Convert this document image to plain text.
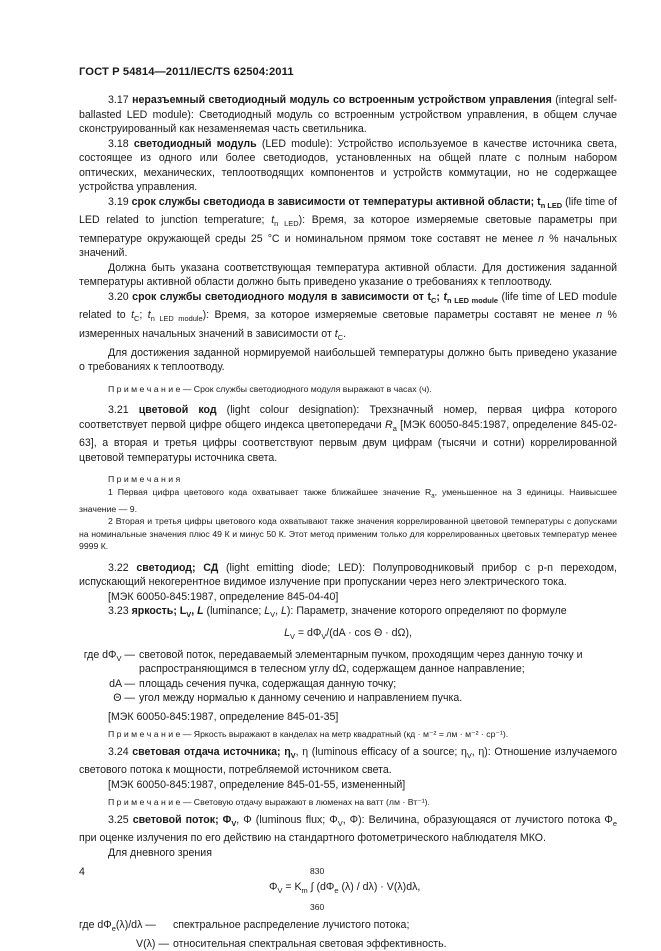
ГОСТ Р 54814—2011/IEC/TS 62504:2011

3.17 неразъемный светодиодный модуль со встроенным устройством управления (integral self-ballasted LED module): Светодиодный модуль со встроенным устройством управления, в общем случае сконструированный как незаменяемая часть светильника.

3.18 светодиодный модуль (LED module): Устройство используемое в качестве источника света, состоящее из одного или более светодиодов, установленных на общей плате с полным набором оптических, механических, теплоотводящих компонентов и устройств коммутации, но не содержащее устройства управления.

3.19 срок службы светодиода в зависимости от температуры активной области; $t_{n LED}$ (life time of LED related to junction temperature; $t_{n LED}$): Время, за которое измеряемые световые параметры при температуре окружающей среды 25 °С и номинальном прямом токе составят не менее n % начальных значений.

Должна быть указана соответствующая температура активной области. Для достижения заданной температуры активной области должно быть приведено указание о требованиях к теплоотводу.

3.20 срок службы светодиодного модуля в зависимости от $t_C$; $t_{n LED module}$ (life time of LED module related to $t_C$; $t_{n LED module}$): Время, за которое измеряемые световые параметры составят не менее n % измеренных начальных значений в зависимости от $t_C$.

Для достижения заданной нормируемой наибольшей температуры должно быть приведено указание о требованиях к теплоотводу.

П р и м е ч а н и е — Срок службы светодиодного модуля выражают в часах (ч).

3.21 цветовой код (light colour designation): Трехзначный номер, первая цифра которого соответствует первой цифре общего индекса цветопередачи $R_a$ [МЭК 60050-845:1987, определение 845-02-63], а вторая и третья цифры соответствуют первым двум цифрам (тысячи и сотни) коррелированной цветовой температуры источника света.

П р и м е ч а н и я

1 Первая цифра цветового кода охватывает также ближайшее значение $R_a$, уменьшенное на 3 единицы. Наивысшее значение — 9.

2 Вторая и третья цифры цветового кода охватывают также значения коррелированной цветовой температуры с допусками на номинальные значения плюс 49 К и минус 50 К. Этот метод применим только для коррелированных цветовых температур менее 9999 К.

3.22 светодиод; СД (light emitting diode; LED): Полупроводниковый прибор с p-n переходом, испускающий некогерентное видимое излучение при пропускании через него электрического тока.

[МЭК 60050-845:1987, определение 845-04-40]

3.23 яркость; $L_V$, L (luminance; $L_V$, L): Параметр, значение которого определяют по формуле

$L_V = d\Phi_V/(dA \cdot \cos \Theta \cdot d\Omega)$,

где $d\Phi_V$ — световой поток, передаваемый элементарным пучком, проходящим через данную точку и распространяющимся в телесном углу dΩ, содержащем данное направление;
dA — площадь сечения пучка, содержащая данную точку;
Θ — угол между нормалью к данному сечению и направлением пучка.

[МЭК 60050-845:1987, определение 845-01-35]

П р и м е ч а н и е — Яркость выражают в канделах на метр квадратный (кд · м⁻² = лм · м⁻² · ср⁻¹).

3.24 световая отдача источника; $\eta_V$, η (luminous efficacy of a source; $\eta_V$, η): Отношение излучаемого светового потока к мощности, потребляемой источником света.

[МЭК 60050-845:1987, определение 845-01-55, измененный]

П р и м е ч а н и е — Световую отдачу выражают в люменах на ватт (лм · Вт⁻¹).

3.25 световой поток; $\Phi_V$, Φ (luminous flux; $\Phi_V$, Φ): Величина, образующаяся от лучистого потока $\Phi_e$ при оценке излучения по его действию на стандартного фотометрического наблюдателя МКО.

Для дневного зрения

830
$\Phi_V = K_m$ ∫ ($d\Phi_e$ (λ) / dλ) · V(λ)dλ,
360
где $d\Phi_e(\lambda)/d\lambda$ —	спектральное распределение лучистого потока;
V(λ) — относительная спектральная световая эффективность.
4
